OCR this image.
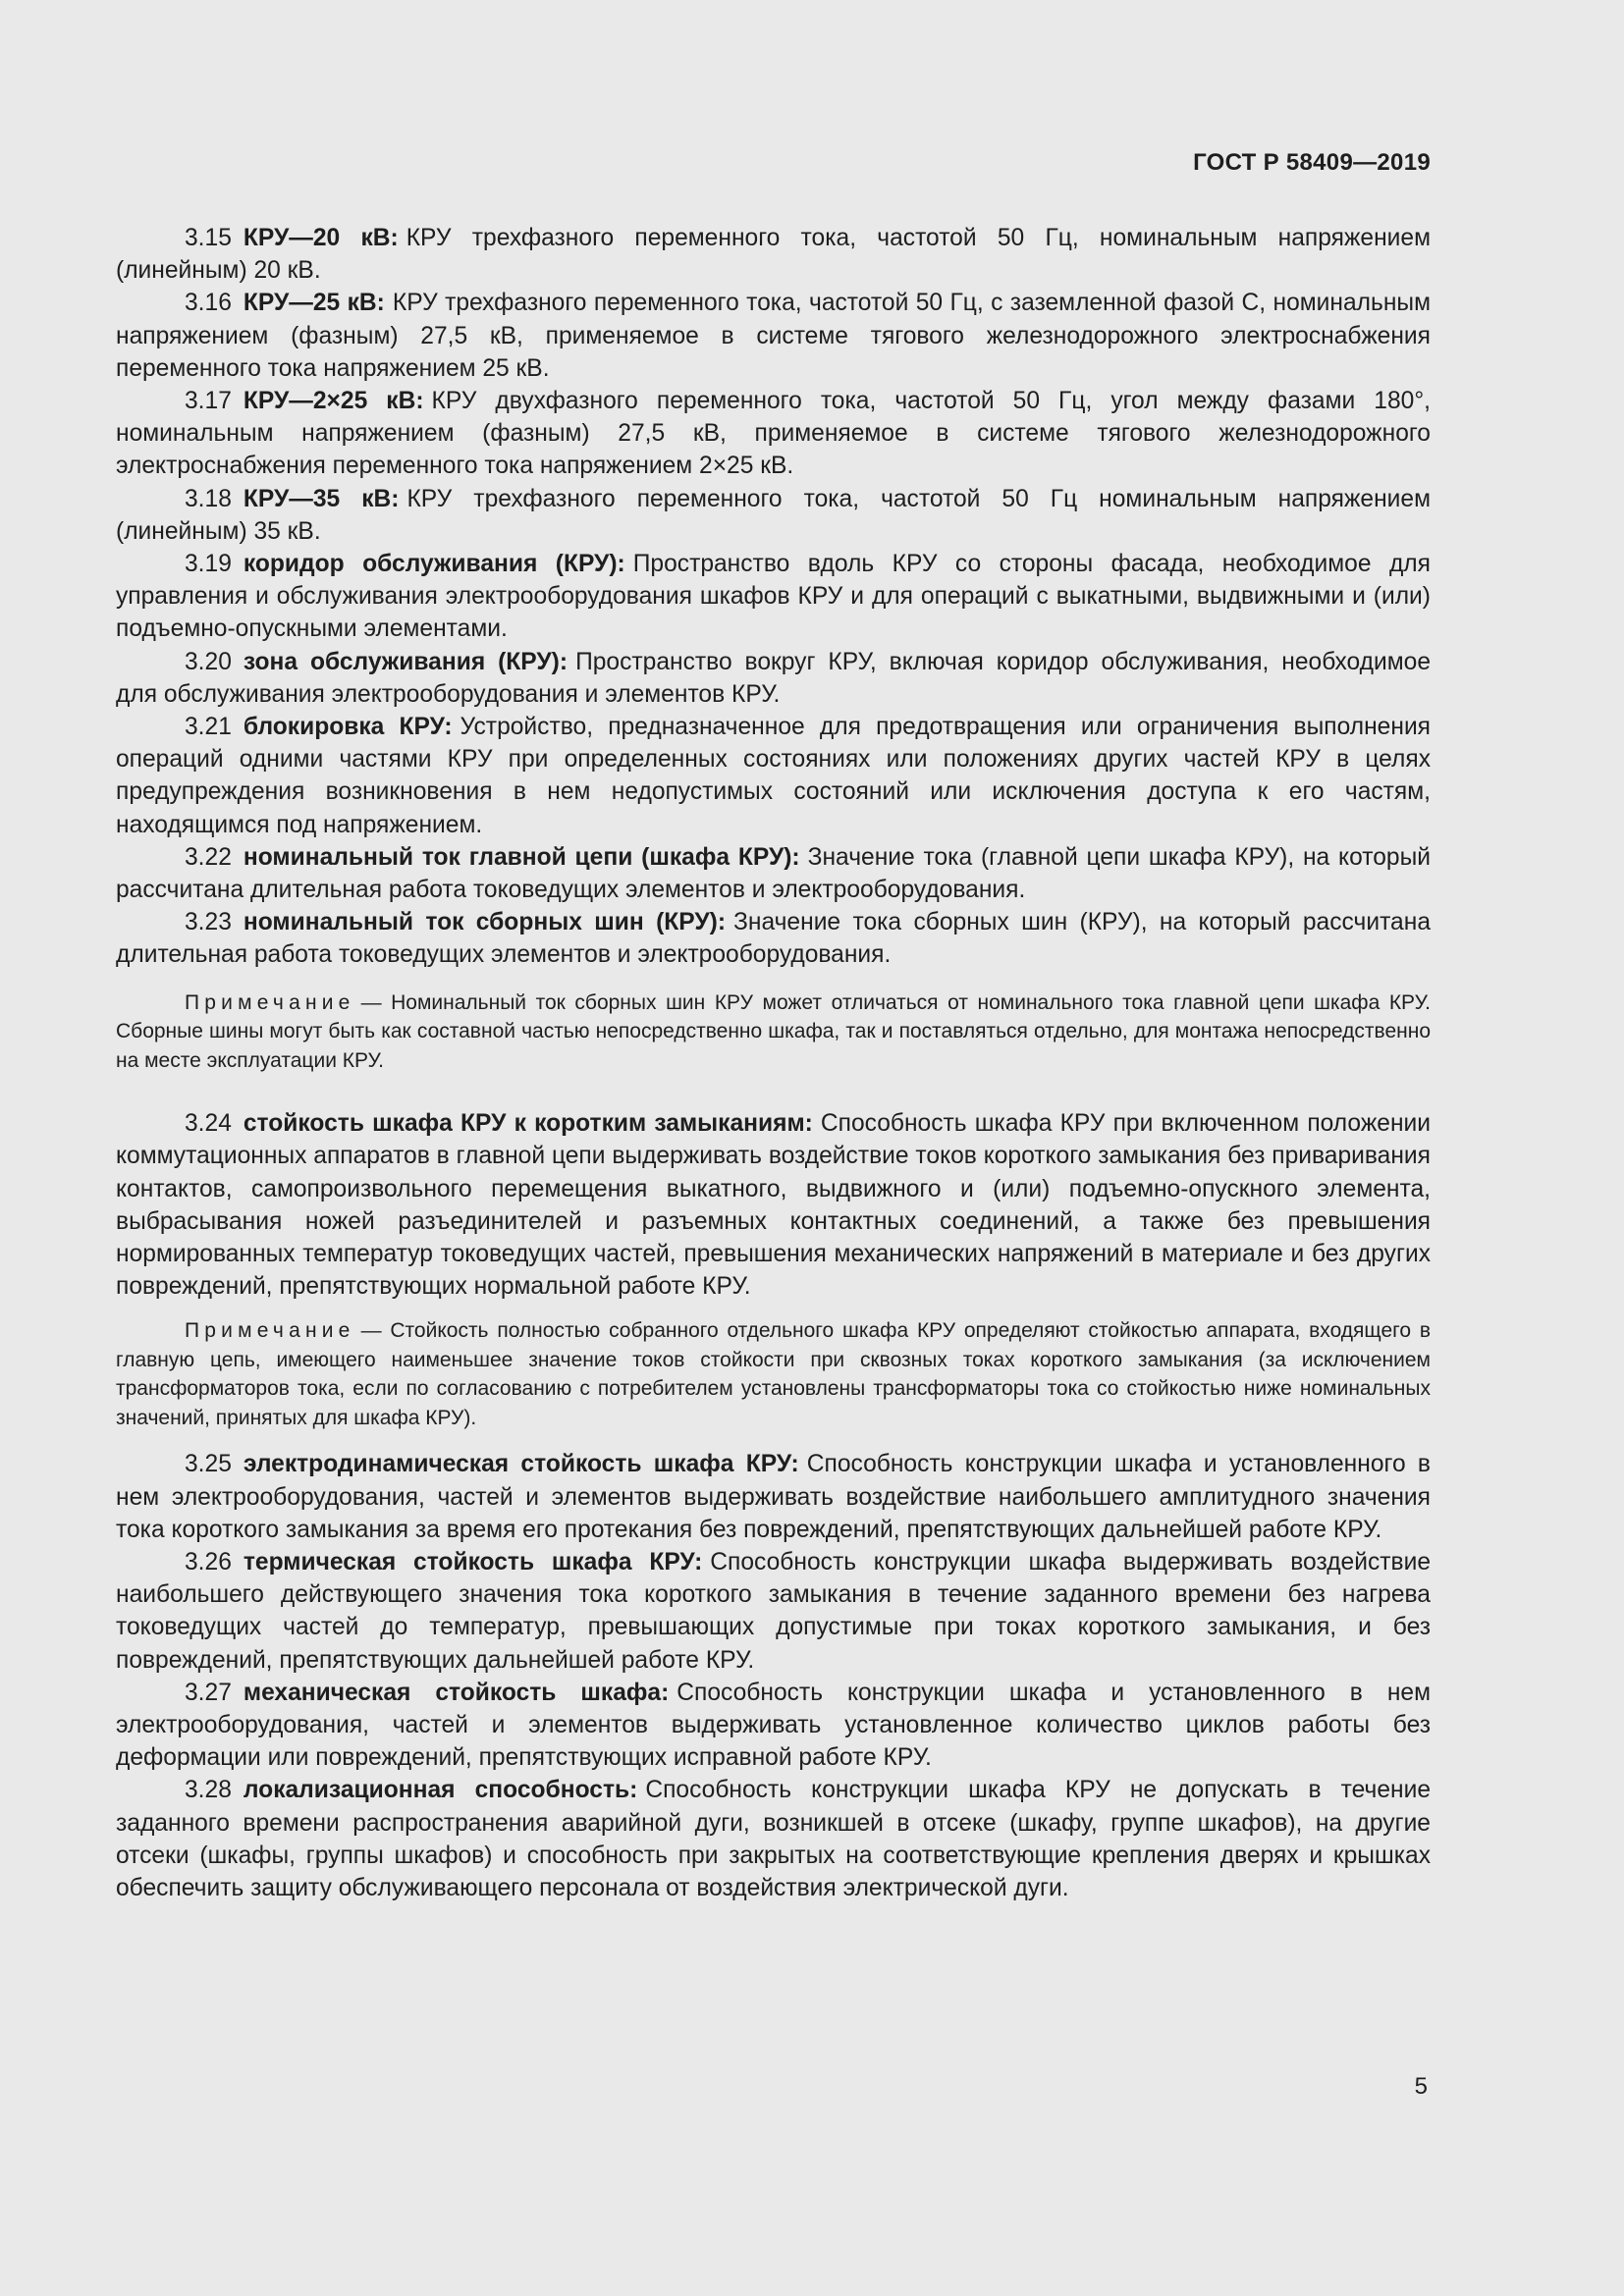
ГОСТ Р 58409—2019

3.15 КРУ—20 кВ: КРУ трехфазного переменного тока, частотой 50 Гц, номинальным напряжением (линейным) 20 кВ.

3.16 КРУ—25 кВ: КРУ трехфазного переменного тока, частотой 50 Гц, с заземленной фазой С, номинальным напряжением (фазным) 27,5 кВ, применяемое в системе тягового железнодорожного электроснабжения переменного тока напряжением 25 кВ.

3.17 КРУ—2×25 кВ: КРУ двухфазного переменного тока, частотой 50 Гц, угол между фазами 180°, номинальным напряжением (фазным) 27,5 кВ, применяемое в системе тягового железнодорожного электроснабжения переменного тока напряжением 2×25 кВ.

3.18 КРУ—35 кВ: КРУ трехфазного переменного тока, частотой 50 Гц номинальным напряжением (линейным) 35 кВ.

3.19 коридор обслуживания (КРУ): Пространство вдоль КРУ со стороны фасада, необходимое для управления и обслуживания электрооборудования шкафов КРУ и для операций с выкатными, выдвижными и (или) подъемно-опускными элементами.

3.20 зона обслуживания (КРУ): Пространство вокруг КРУ, включая коридор обслуживания, необходимое для обслуживания электрооборудования и элементов КРУ.

3.21 блокировка КРУ: Устройство, предназначенное для предотвращения или ограничения выполнения операций одними частями КРУ при определенных состояниях или положениях других частей КРУ в целях предупреждения возникновения в нем недопустимых состояний или исключения доступа к его частям, находящимся под напряжением.

3.22 номинальный ток главной цепи (шкафа КРУ): Значение тока (главной цепи шкафа КРУ), на который рассчитана длительная работа токоведущих элементов и электрооборудования.

3.23 номинальный ток сборных шин (КРУ): Значение тока сборных шин (КРУ), на который рассчитана длительная работа токоведущих элементов и электрооборудования.

Примечание — Номинальный ток сборных шин КРУ может отличаться от номинального тока главной цепи шкафа КРУ. Сборные шины могут быть как составной частью непосредственно шкафа, так и поставляться отдельно, для монтажа непосредственно на месте эксплуатации КРУ.

3.24 стойкость шкафа КРУ к коротким замыканиям: Способность шкафа КРУ при включенном положении коммутационных аппаратов в главной цепи выдерживать воздействие токов короткого замыкания без приваривания контактов, самопроизвольного перемещения выкатного, выдвижного и (или) подъемно-опускного элемента, выбрасывания ножей разъединителей и разъемных контактных соединений, а также без превышения нормированных температур токоведущих частей, превышения механических напряжений в материале и без других повреждений, препятствующих нормальной работе КРУ.

Примечание — Стойкость полностью собранного отдельного шкафа КРУ определяют стойкостью аппарата, входящего в главную цепь, имеющего наименьшее значение токов стойкости при сквозных токах короткого замыкания (за исключением трансформаторов тока, если по согласованию с потребителем установлены трансформаторы тока со стойкостью ниже номинальных значений, принятых для шкафа КРУ).

3.25 электродинамическая стойкость шкафа КРУ: Способность конструкции шкафа и установленного в нем электрооборудования, частей и элементов выдерживать воздействие наибольшего амплитудного значения тока короткого замыкания за время его протекания без повреждений, препятствующих дальнейшей работе КРУ.

3.26 термическая стойкость шкафа КРУ: Способность конструкции шкафа выдерживать воздействие наибольшего действующего значения тока короткого замыкания в течение заданного времени без нагрева токоведущих частей до температур, превышающих допустимые при токах короткого замыкания, и без повреждений, препятствующих дальнейшей работе КРУ.

3.27 механическая стойкость шкафа: Способность конструкции шкафа и установленного в нем электрооборудования, частей и элементов выдерживать установленное количество циклов работы без деформации или повреждений, препятствующих исправной работе КРУ.

3.28 локализационная способность: Способность конструкции шкафа КРУ не допускать в течение заданного времени распространения аварийной дуги, возникшей в отсеке (шкафу, группе шкафов), на другие отсеки (шкафы, группы шкафов) и способность при закрытых на соответствующие крепления дверях и крышках обеспечить защиту обслуживающего персонала от воздействия электрической дуги.

5
